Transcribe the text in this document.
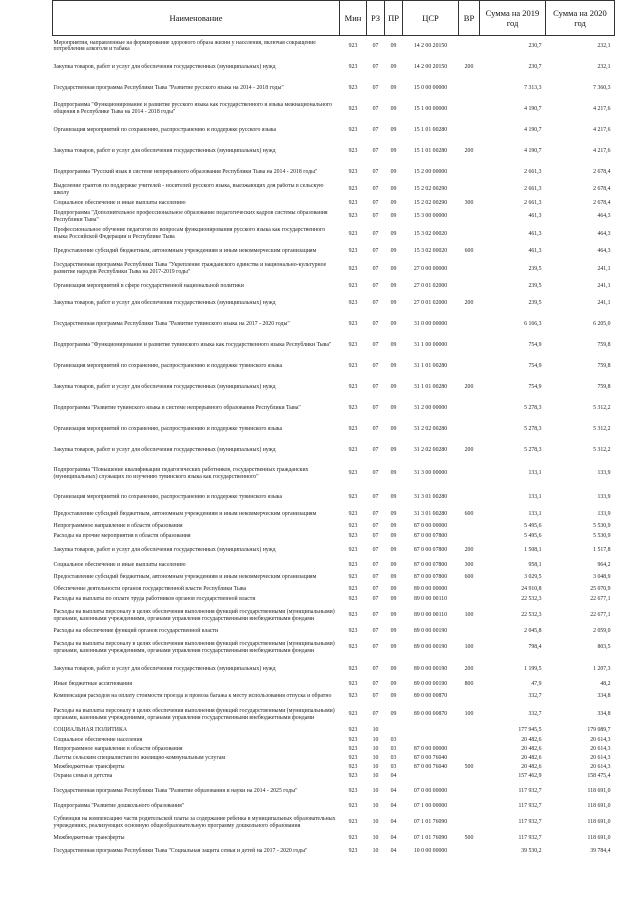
Наименование	Мин	РЗ	ПР	ЦСР	ВР	Сумма на 2019 год	Сумма на 2020 год
Мероприятия, направленные на формирование здорового образа жизни у населения, включая сокращение потребления алкоголя и табака	923	07	09	14 2 00 20150		230,7	232,1
Закупка товаров, работ и услуг для обеспечения государственных (муниципальных) нужд	923	07	09	14 2 00 20150	200	230,7	232,1
Государственная программа Республики Тыва "Развитие русского языка на 2014 - 2018 годы"	923	07	09	15 0 00 00000		7 313,3	7 360,3
Подпрограмма "Функционирование и развитие русского языка как государственного и языка межнационального общения в Республике Тыва на 2014 - 2018 годы"	923	07	09	15 1 00 00000		4 190,7	4 217,6
Организация мероприятий по сохранению, распространению и поддержке русского языка	923	07	09	15 1 01 00280		4 190,7	4 217,6
Закупка товаров, работ и услуг для обеспечения государственных (муниципальных) нужд	923	07	09	15 1 01 00280	200	4 190,7	4 217,6
Подпрограмма "Русский язык в системе непрерывного образования Республики Тыва на 2014 - 2018 годы"	923	07	09	15 2 00 00000		2 661,3	2 678,4
Выделение грантов по поддержке учителей - носителей русского языка, выезжающих для работы в сельскую школу	923	07	09	15 2 02 00290		2 661,3	2 678,4
Социальное обеспечение и иные выплаты населению	923	07	09	15 2 02 00290	300	2 661,3	2 678,4
Подпрограмма "Дополнительное профессиональное образование педагогических кадров системы образования Республики Тыва"	923	07	09	15 3 00 00000		461,3	464,3
Профессиональное обучение педагогов по вопросам функционирования русского языка как государственного языка Российской Федерации и Республике Тыва	923	07	09	15 3 02 00020		461,3	464,3
Предоставление субсидий бюджетным, автономным учреждениям и иным некоммерческим организациям	923	07	09	15 3 02 00020	600	461,3	464,3
Государственная программа Республики Тыва "Укрепление гражданского единства и национально-культурное развитие народов Республики Тыва на 2017-2019 годы"	923	07	09	27 0 00 00000		239,5	241,1
Организация мероприятий в сфере государственной национальной политики	923	07	09	27 0 01 02000		239,5	241,1
Закупка товаров, работ и услуг для обеспечения государственных (муниципальных) нужд	923	07	09	27 0 01 02000	200	239,5	241,1
Государственная программа Республики Тыва "Развитие тувинского языка на 2017 - 2020 годы"	923	07	09	31 0 00 00000		6 166,3	6 205,0
Подпрограмма "Функционирование и развитие тувинского языка как государственного языка Республики Тыва"	923	07	09	31 1 00 00000		754,9	759,8
Организация мероприятий по сохранению, распространению и поддержке тувинского языка	923	07	09	31 1 01 00280		754,9	759,8
Закупка товаров, работ и услуг для обеспечения государственных (муниципальных) нужд	923	07	09	31 1 01 00280	200	754,9	759,8
Подпрограмма "Развитие тувинского языка в системе непрерывного образования Республики Тыва"	923	07	09	31 2 00 00000		5 278,3	5 312,2
Организация мероприятий по сохранению, распространению и поддержке тувинского языка	923	07	09	31 2 02 00280		5 278,3	5 312,2
Закупка товаров, работ и услуг для обеспечения государственных (муниципальных) нужд	923	07	09	31 2 02 00280	200	5 278,3	5 312,2
Подпрограмма "Повышение квалификации педагогических работников, государственных гражданских (муниципальных) служащих по изучению тувинского языка как государственного"	923	07	09	31 3 00 00000		133,1	133,9
Организация мероприятий по сохранению, распространению и поддержке тувинского языка	923	07	09	31 3 01 00280		133,1	133,9
Предоставление субсидий бюджетным, автономным учреждениям и иным некоммерческим организациям	923	07	09	31 3 01 00280	600	133,1	133,9
Непрограммное направление в области образования	923	07	09	87 0 00 00000		5 495,6	5 530,9
Расходы на прочие мероприятия в области образования	923	07	09	87 0 00 07800		5 495,6	5 530,9
Закупка товаров, работ и услуг для обеспечения государственных (муниципальных) нужд	923	07	09	87 0 00 07800	200	1 508,1	1 517,8
Социальное обеспечение и иные выплаты населению	923	07	09	87 0 00 07800	300	958,1	964,2
Предоставление субсидий бюджетным, автономным учреждениям и иным некоммерческим организациям	923	07	09	87 0 00 07800	600	3 029,5	3 048,9
Обеспечение деятельности органов государственной власти Республики Тыва	923	07	09	89 0 00 00000		24 910,8	25 070,9
Расходы на выплаты по оплате труда работников органов государственной власти	923	07	09	89 0 00 00110		22 532,3	22 677,1
Расходы на выплаты персоналу в целях обеспечения выполнения функций государственными (муниципальными) органами, казенными учреждениями, органами управления государственными внебюджетными фондами	923	07	09	89 0 00 00110	100	22 532,3	22 677,1
Расходы на обеспечение функций органов государственной власти	923	07	09	89 0 00 00190		2 045,8	2 059,0
Расходы на выплаты персоналу в целях обеспечения выполнения функций государственными (муниципальными) органами, казенными учреждениями, органами управления государственными внебюджетными фондами	923	07	09	89 0 00 00190	100	798,4	803,5
Закупка товаров, работ и услуг для обеспечения государственных (муниципальных) нужд	923	07	09	89 0 00 00190	200	1 199,5	1 207,3
Иные бюджетные ассигнования	923	07	09	89 0 00 00190	800	47,9	48,2
Компенсация расходов на оплату стоимости проезда и провоза багажа к месту использования отпуска и обратно	923	07	09	89 0 00 00870		332,7	334,8
Расходы на выплаты персоналу в целях обеспечения выполнения функций государственными (муниципальными) органами, казенными учреждениями, органами управления государственными внебюджетными фондами	923	07	09	89 0 00 00870	100	332,7	334,8
СОЦИАЛЬНАЯ ПОЛИТИКА	923	10				177 945,5	179 089,7
Социальное обеспечение населения	923	10	03			20 482,6	20 614,3
Непрограммное направление в области образования	923	10	03	87 0 00 00000		20 482,6	20 614,3
Льготы сельским специалистам по жилищно-коммунальным услугам	923	10	03	87 0 00 76040		20 482,6	20 614,3
Межбюджетные трансферты	923	10	03	87 0 00 76040	500	20 482,6	20 614,3
Охрана семьи и детства	923	10	04			157 462,9	158 475,4
Государственная программа Республики Тыва "Развитие образования и науки на 2014 - 2025 годы"	923	10	04	07 0 00 00000		117 932,7	118 691,0
Подпрограмма "Развитие дошкольного образования"	923	10	04	07 1 00 00000		117 932,7	118 691,0
Субвенция на компенсацию части родительской платы за содержание ребенка в муниципальных образовательных учреждениях, реализующих основную общеобразовательную программу дошкольного образования	923	10	04	07 1 01 76090		117 932,7	118 691,0
Межбюджетные трансферты	923	10	04	07 1 01 76090	500	117 932,7	118 691,0
Государственная программа Республики Тыва "Социальная защита семьи и детей на 2017 - 2020 годы"	923	10	04	10 0 00 00000		39 530,2	39 784,4
